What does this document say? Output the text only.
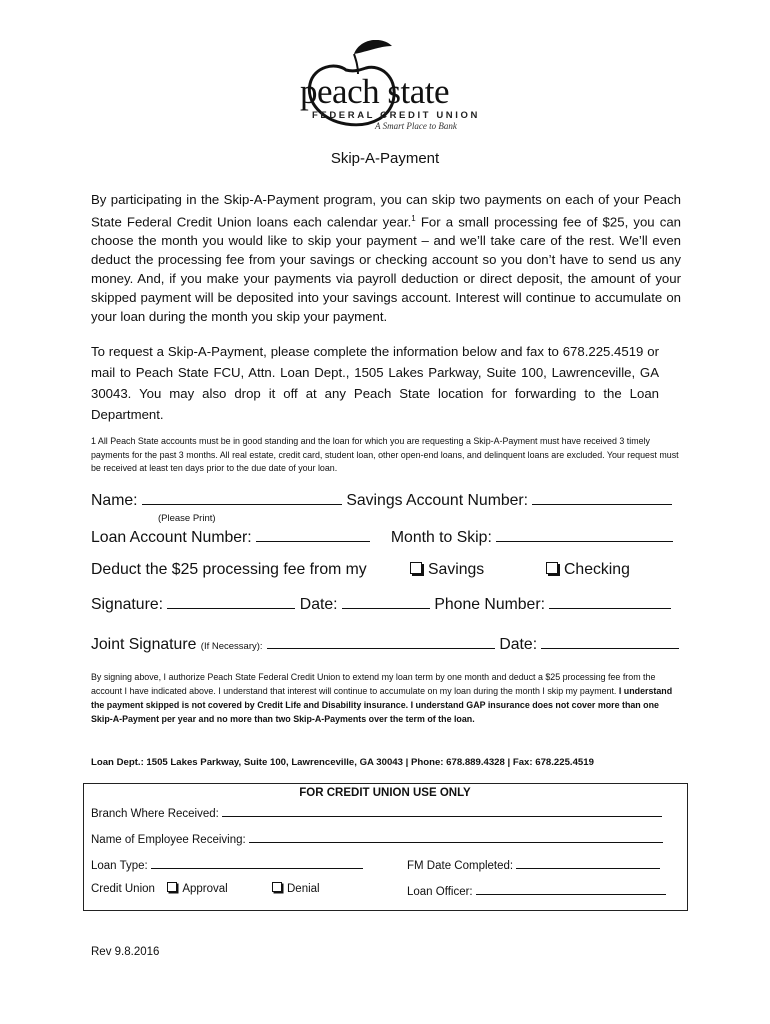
peach state
FEDERAL CREDIT UNION
A Smart Place to Bank
Skip-A-Payment
By participating in the Skip-A-Payment program, you can skip two payments on each of your Peach State Federal Credit Union loans each calendar year.$^1$ For a small processing fee of $25, you can choose the month you would like to skip your payment – and we’ll take care of the rest. We’ll even deduct the processing fee from your savings or checking account so you don’t have to send us any money. And, if you make your payments via payroll deduction or direct deposit, the amount of your skipped payment will be deposited into your savings account. Interest will continue to accumulate on your loan during the month you skip your payment.
To request a Skip-A-Payment, please complete the information below and fax to 678.225.4519 or mail to Peach State FCU, Attn. Loan Dept., 1505 Lakes Parkway, Suite 100, Lawrenceville, GA 30043. You may also drop it off at any Peach State location for forwarding to the Loan Department.
1 All Peach State accounts must be in good standing and the loan for which you are requesting a Skip-A-Payment must have received 3 timely payments for the past 3 months. All real estate, credit card, student loan, other open-end loans, and delinquent loans are excluded. Your request must be received at least ten days prior to the due date of your loan.
Name:	Savings Account Number:
(Please Print)
Loan Account Number:	Month to Skip:
Deduct the $25 processing fee from my	Savings	Checking
Signature:	Date:	Phone Number:
Joint Signature (If Necessary):	Date:
By signing above, I authorize Peach State Federal Credit Union to extend my loan term by one month and deduct a $25 processing fee from the account I have indicated above. I understand that interest will continue to accumulate on my loan during the month I skip my payment. I understand the payment skipped is not covered by Credit Life and Disability insurance. I understand GAP insurance does not cover more than one Skip-A-Payment per year and no more than two Skip-A-Payments over the term of the loan.
Loan Dept.: 1505 Lakes Parkway, Suite 100, Lawrenceville, GA 30043 | Phone: 678.889.4328 | Fax: 678.225.4519
FOR CREDIT UNION USE ONLY
Branch Where Received:
Name of Employee Receiving:
Loan Type:	FM Date Completed:
Credit Union Approval	Denial	Loan Officer:
Rev 9.8.2016
